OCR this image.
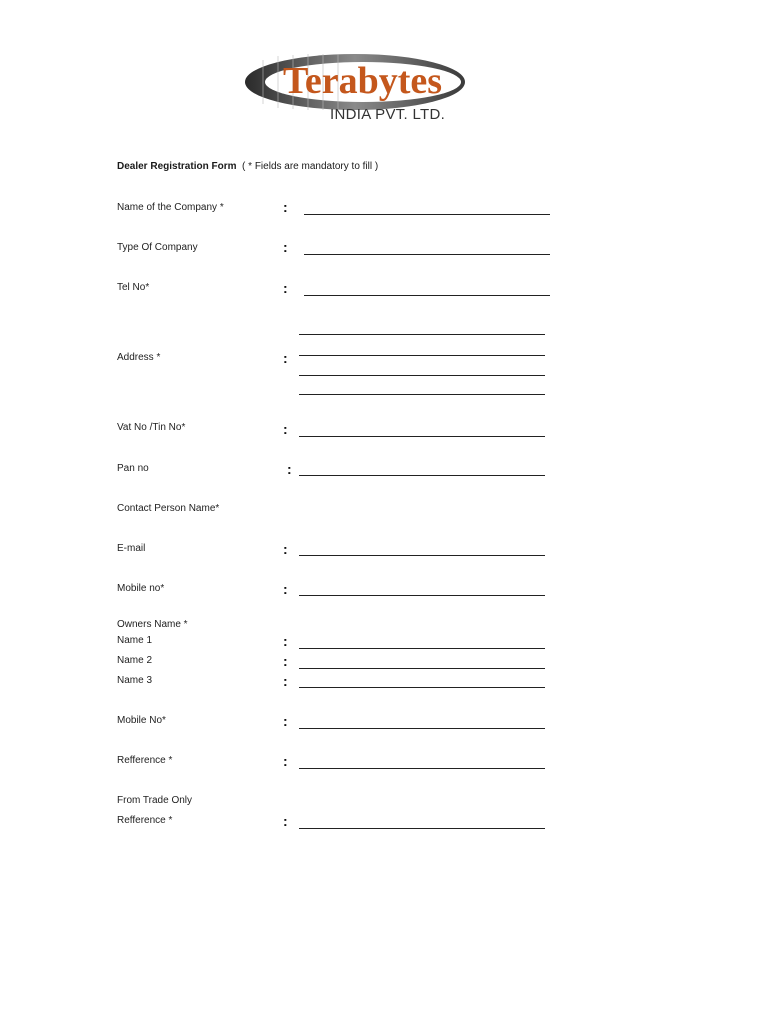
Terabytes
INDIA PVT. LTD.
Dealer Registration Form ( * Fields are mandatory to fill )
Name of the Company *	:
Type Of Company	:
Tel No*	:
Address *	:
Vat No /Tin No*	:
Pan no	:
Contact Person Name*
E-mail	:
Mobile no*	:
Owners Name *
Name 1	:
Name 2	:
Name 3	:
Mobile No*	:
Refference *	:
From Trade Only
Refference *	:
